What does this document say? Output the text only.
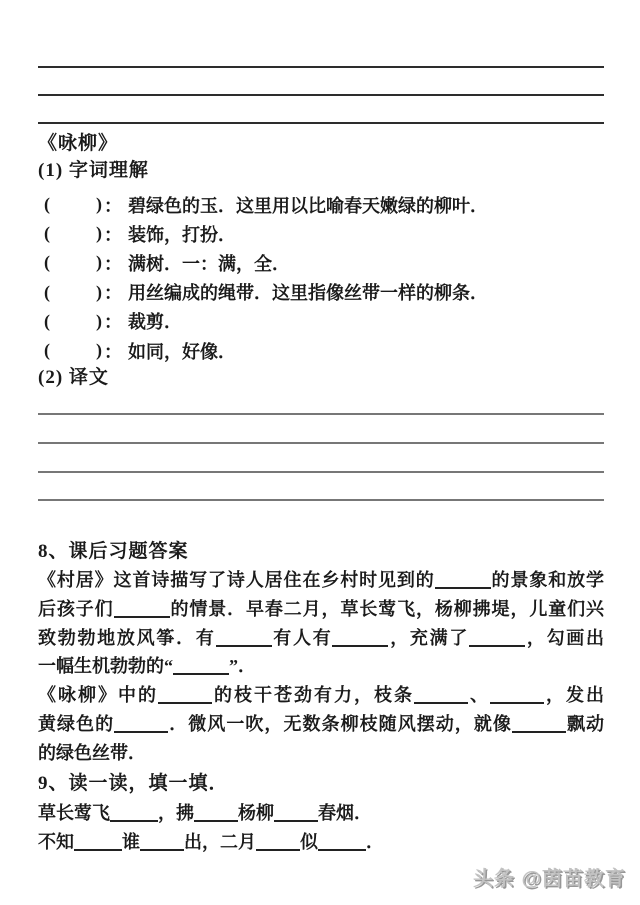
《咏柳》
(1) 字词理解
(	) ： 碧绿色的玉．这里用以比喻春天嫩绿的柳叶．
(	) ： 装饰，打扮．
(	) ： 满树．一：满，全．
(	) ： 用丝编成的绳带．这里指像丝带一样的柳条．
(	) ： 裁剪．
(	) ： 如同，好像．
(2) 译文
8、课后习题答案
《村居》这首诗描写了诗人居住在乡村时见到的	的景象和放学
后孩子们	的情景．早春二月，草长莺飞，杨柳拂堤，儿童们兴
致勃勃地放风筝．有	有人有	，充满了	，勾画出
一幅生机勃勃的“	”．
《咏柳》中的	的枝干苍劲有力，枝条	、	，发出
黄绿色的	．微风一吹，无数条柳枝随风摆动，就像	飘动
的绿色丝带．
9、读一读，填一填．
草长莺飞	，拂 杨柳 春烟．
不知	谁 出，二月 似	．
头条 @茵苗教育
